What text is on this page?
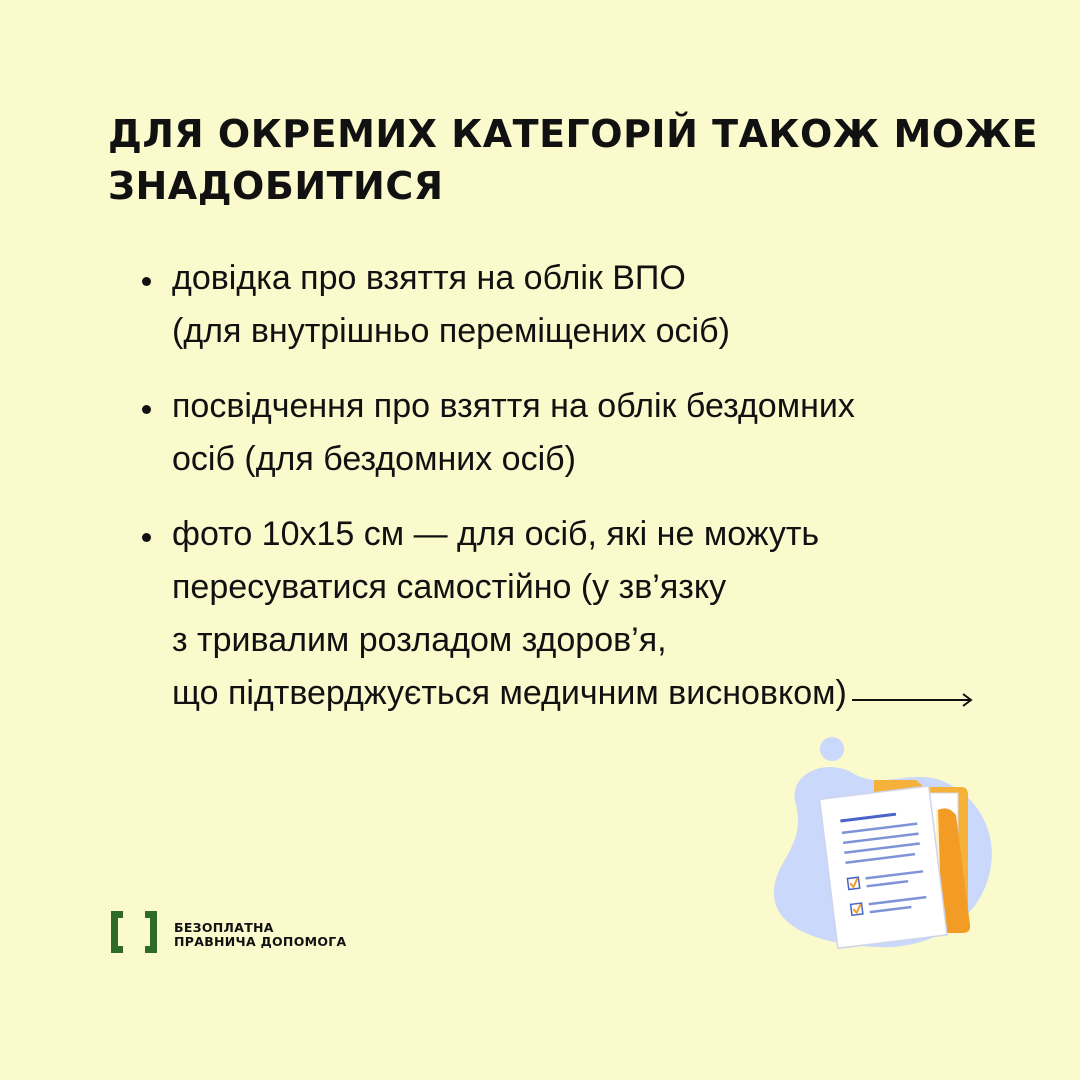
ДЛЯ ОКРЕМИХ КАТЕГОРІЙ ТАКОЖ МОЖЕ
ЗНАДОБИТИСЯ
довідка про взяття на облік ВПО
(для внутрішньо переміщених осіб)
посвідчення про взяття на облік бездомних
осіб (для бездомних осіб)
фото 10x15 см — для осіб, які не можуть
пересуватися самостійно (у зв’язку
з тривалим розладом здоров’я,
що підтверджується медичним висновком)
БЕЗОПЛАТНА
ПРАВНИЧА ДОПОМОГА
